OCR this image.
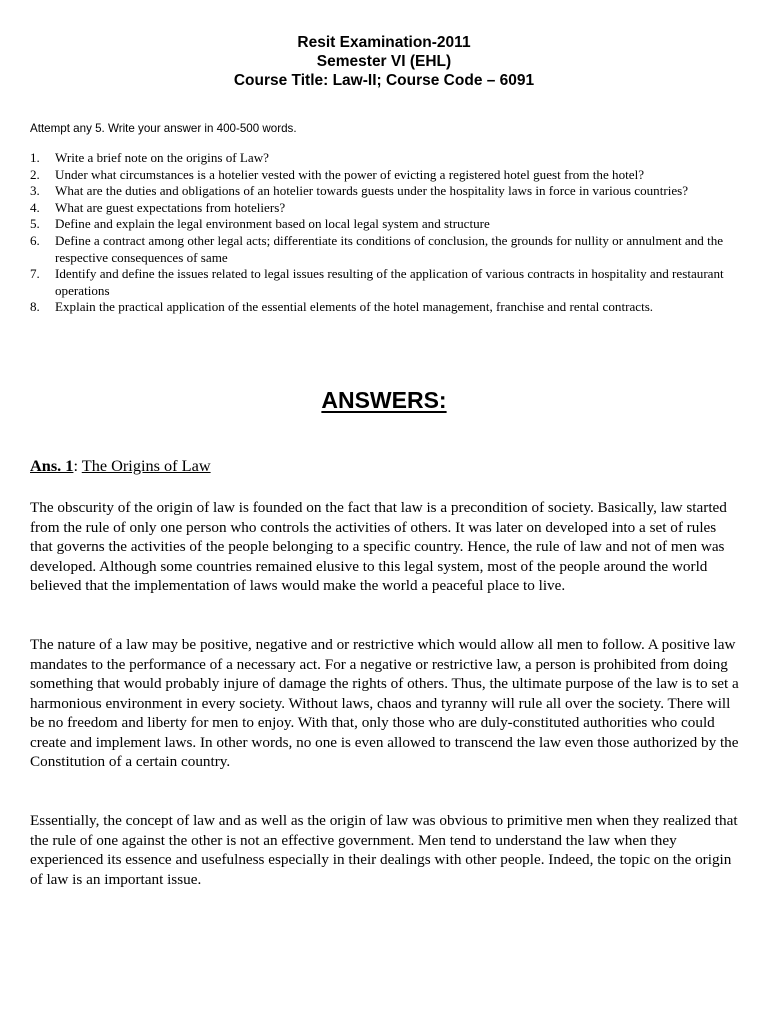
Resit Examination-2011
Semester VI (EHL)
Course Title: Law-II; Course Code – 6091
Attempt any 5. Write your answer in 400-500 words.
1. Write a brief note on the origins of Law?
2. Under what circumstances is a hotelier vested with the power of evicting a registered hotel guest from the hotel?
3. What are the duties and obligations of an hotelier towards guests under the hospitality laws in force in various countries?
4. What are guest expectations from hoteliers?
5. Define and explain the legal environment based on local legal system and structure
6. Define a contract among other legal acts; differentiate its conditions of conclusion, the grounds for nullity or annulment and the respective consequences of same
7. Identify and define the issues related to legal issues resulting of the application of various contracts in hospitality and restaurant operations
8. Explain the practical application of the essential elements of the hotel management, franchise and rental contracts.
ANSWERS:
Ans. 1: The Origins of Law

The obscurity of the origin of law is founded on the fact that law is a precondition of society. Basically, law started from the rule of only one person who controls the activities of others. It was later on developed into a set of rules that governs the activities of the people belonging to a specific country. Hence, the rule of law and not of men was developed. Although some countries remained elusive to this legal system, most of the people around the world believed that the implementation of laws would make the world a peaceful place to live.

The nature of a law may be positive, negative and or restrictive which would allow all men to follow. A positive law mandates to the performance of a necessary act. For a negative or restrictive law, a person is prohibited from doing something that would probably injure of damage the rights of others. Thus, the ultimate purpose of the law is to set a harmonious environment in every society. Without laws, chaos and tyranny will rule all over the society. There will be no freedom and liberty for men to enjoy. With that, only those who are duly-constituted authorities who could create and implement laws. In other words, no one is even allowed to transcend the law even those authorized by the Constitution of a certain country.

Essentially, the concept of law and as well as the origin of law was obvious to primitive men when they realized that the rule of one against the other is not an effective government. Men tend to understand the law when they experienced its essence and usefulness especially in their dealings with other people. Indeed, the topic on the origin of law is an important issue.
